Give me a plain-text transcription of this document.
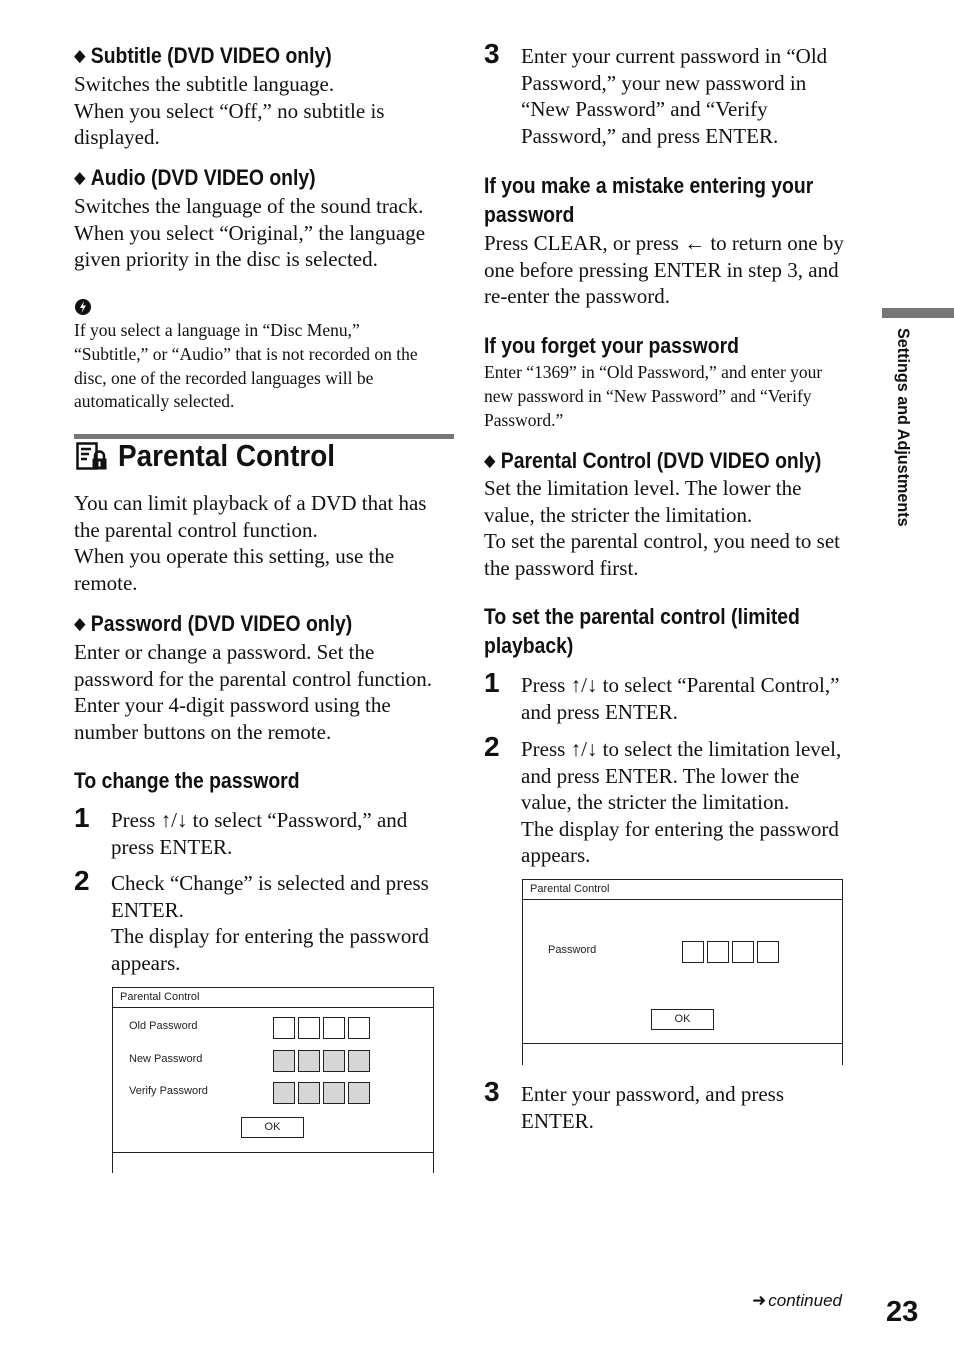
◆ Subtitle (DVD VIDEO only)
Switches the subtitle language.
When you select “Off,” no subtitle is
displayed.
◆ Audio (DVD VIDEO only)
Switches the language of the sound track.
When you select “Original,” the language
given priority in the disc is selected.
If you select a language in “Disc Menu,”
“Subtitle,” or “Audio” that is not recorded on the
disc, one of the recorded languages will be
automatically selected.
Parental Control
You can limit playback of a DVD that has
the parental control function.
When you operate this setting, use the
remote.
◆ Password (DVD VIDEO only)
Enter or change a password. Set the
password for the parental control function.
Enter your 4-digit password using the
number buttons on the remote.
To change the password
1 Press ↑/↓ to select “Password,” and
press ENTER.
2 Check “Change” is selected and press
ENTER.
The display for entering the password
appears.
Parental Control
Old Password
New Password
Verify Password
OK
3 Enter your current password in “Old
Password,” your new password in
“New Password” and “Verify
Password,” and press ENTER.
If you make a mistake entering your
password
Press CLEAR, or press ← to return one by
one before pressing ENTER in step 3, and
re-enter the password.
If you forget your password
Enter “1369” in “Old Password,” and enter your
new password in “New Password” and “Verify
Password.”
◆ Parental Control (DVD VIDEO only)
Set the limitation level. The lower the
value, the stricter the limitation.
To set the parental control, you need to set
the password first.
To set the parental control (limited
playback)
1 Press ↑/↓ to select “Parental Control,”
and press ENTER.
2 Press ↑/↓ to select the limitation level,
and press ENTER. The lower the
value, the stricter the limitation.
The display for entering the password
appears.
Parental Control
Password
OK
3 Enter your password, and press
ENTER.
Settings and Adjustments
➜ continued 23
